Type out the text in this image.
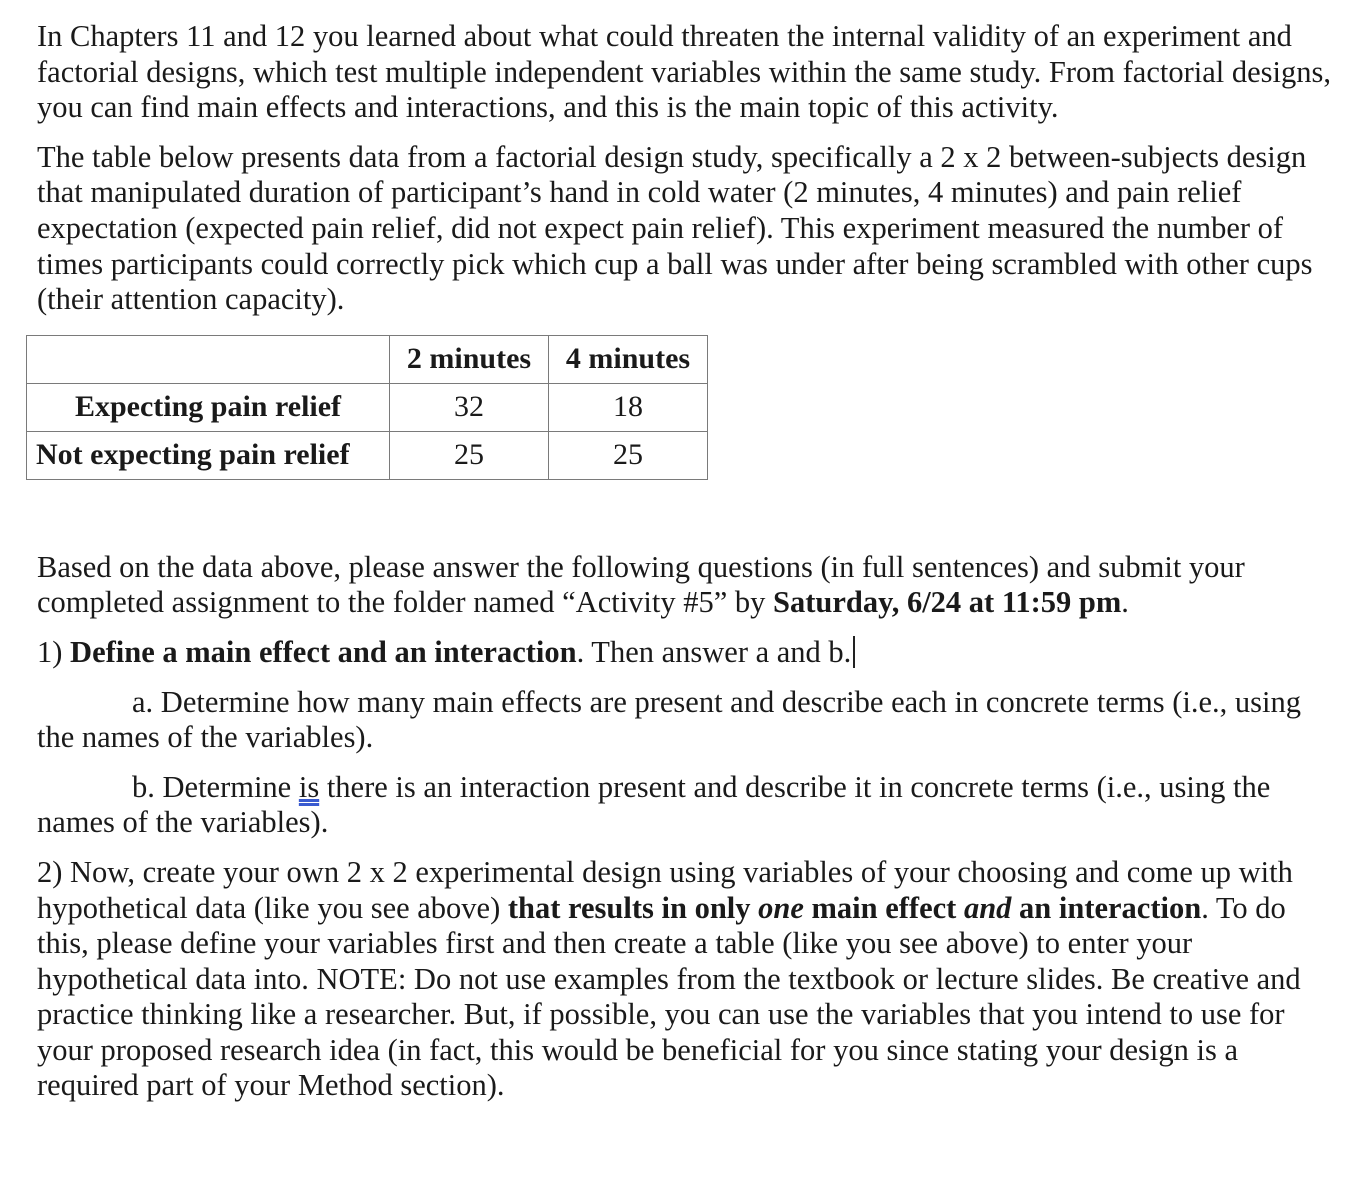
In Chapters 11 and 12 you learned about what could threaten the internal validity of an experiment and factorial designs, which test multiple independent variables within the same study. From factorial designs, you can find main effects and interactions, and this is the main topic of this activity.

The table below presents data from a factorial design study, specifically a 2 x 2 between-subjects design that manipulated duration of participant’s hand in cold water (2 minutes, 4 minutes) and pain relief expectation (expected pain relief, did not expect pain relief). This experiment measured the number of times participants could correctly pick which cup a ball was under after being scrambled with other cups (their attention capacity).

	2 minutes	4 minutes
Expecting pain relief	32	18
Not expecting pain relief	25	25

Based on the data above, please answer the following questions (in full sentences) and submit your completed assignment to the folder named “Activity #5” by Saturday, 6/24 at 11:59 pm.

1) Define a main effect and an interaction. Then answer a and b.

a. Determine how many main effects are present and describe each in concrete terms (i.e., using the names of the variables).

b. Determine is there is an interaction present and describe it in concrete terms (i.e., using the names of the variables).

2) Now, create your own 2 x 2 experimental design using variables of your choosing and come up with hypothetical data (like you see above) that results in only one main effect and an interaction. To do this, please define your variables first and then create a table (like you see above) to enter your hypothetical data into. NOTE: Do not use examples from the textbook or lecture slides. Be creative and practice thinking like a researcher. But, if possible, you can use the variables that you intend to use for your proposed research idea (in fact, this would be beneficial for you since stating your design is a required part of your Method section).
